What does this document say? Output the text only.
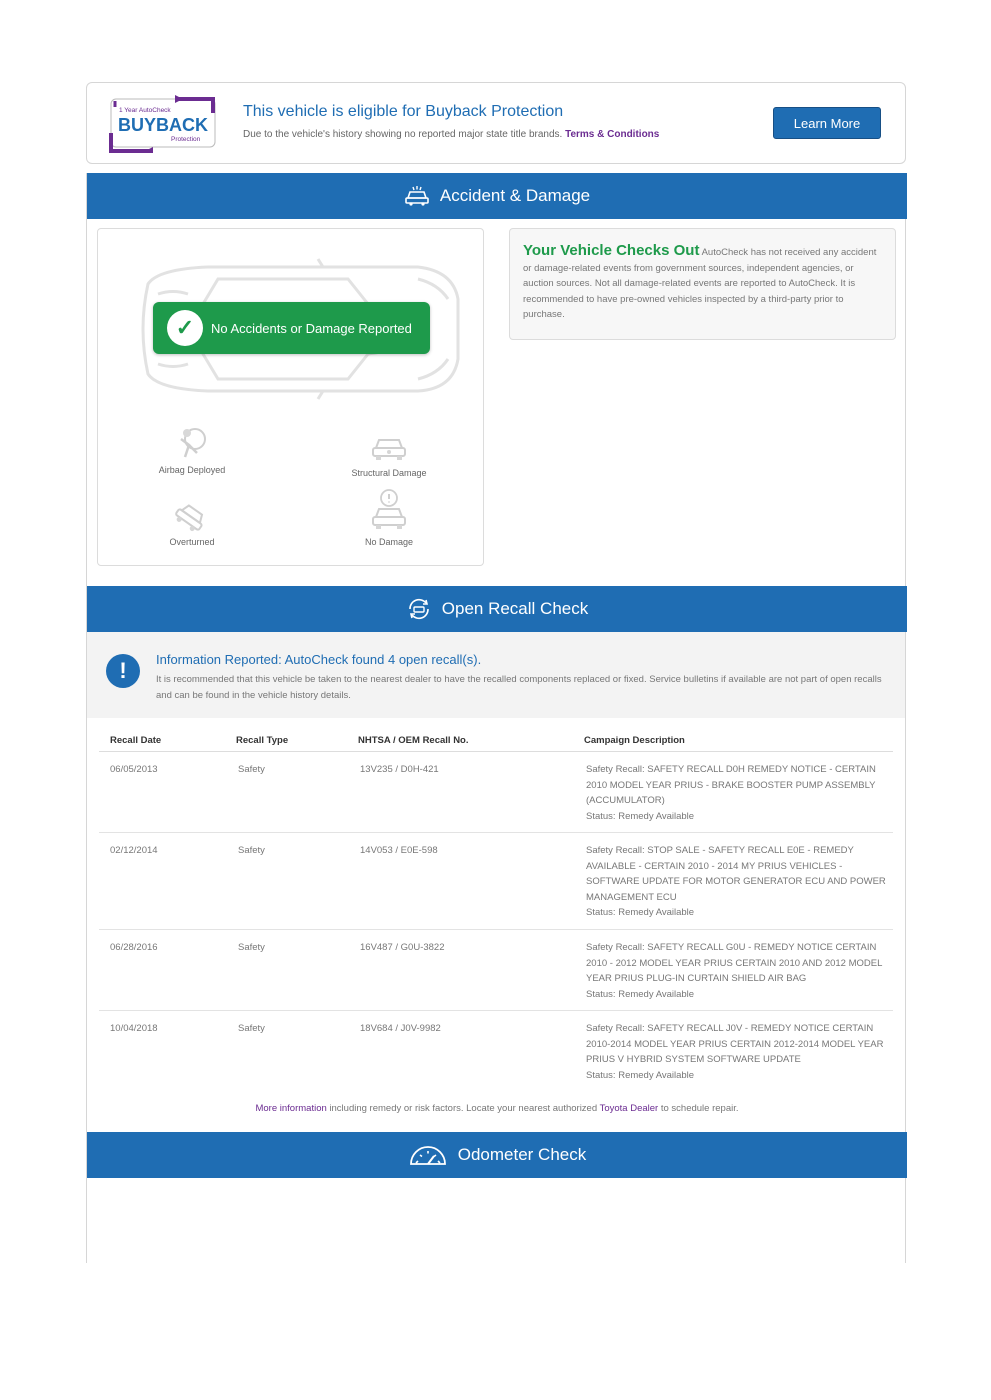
1 Year AutoCheck
BUYBACK
Protection
This vehicle is eligible for Buyback Protection
Due to the vehicle's history showing no reported major state title brands. Terms & Conditions
Learn More
Accident & Damage
✓	No Accidents or Damage Reported
Airbag Deployed	Structural Damage
Overturned	No Damage
Your Vehicle Checks Out AutoCheck has not received any accident or damage-related events from government sources, independent agencies, or auction sources. Not all damage-related events are reported to AutoCheck. It is recommended to have pre-owned vehicles inspected by a third-party prior to purchase.
Open Recall Check
!	Information Reported: AutoCheck found 4 open recall(s).
It is recommended that this vehicle be taken to the nearest dealer to have the recalled components replaced or fixed. Service bulletins if available are not part of open recalls and can be found in the vehicle history details.
Recall Date	Recall Type	NHTSA / OEM Recall No.	Campaign Description
06/05/2013	Safety	13V235 / D0H-421	Safety Recall: SAFETY RECALL D0H REMEDY NOTICE - CERTAIN 2010 MODEL YEAR PRIUS - BRAKE BOOSTER PUMP ASSEMBLY (ACCUMULATOR)
Status: Remedy Available
02/12/2014	Safety	14V053 / E0E-598	Safety Recall: STOP SALE - SAFETY RECALL E0E - REMEDY AVAILABLE - CERTAIN 2010 - 2014 MY PRIUS VEHICLES - SOFTWARE UPDATE FOR MOTOR GENERATOR ECU AND POWER MANAGEMENT ECU
Status: Remedy Available
06/28/2016	Safety	16V487 / G0U-3822	Safety Recall: SAFETY RECALL G0U - REMEDY NOTICE CERTAIN 2010 - 2012 MODEL YEAR PRIUS CERTAIN 2010 AND 2012 MODEL YEAR PRIUS PLUG-IN CURTAIN SHIELD AIR BAG
Status: Remedy Available
10/04/2018	Safety	18V684 / J0V-9982	Safety Recall: SAFETY RECALL J0V - REMEDY NOTICE CERTAIN 2010-2014 MODEL YEAR PRIUS CERTAIN 2012-2014 MODEL YEAR PRIUS V HYBRID SYSTEM SOFTWARE UPDATE
Status: Remedy Available
More information including remedy or risk factors. Locate your nearest authorized Toyota Dealer to schedule repair.
Odometer Check
